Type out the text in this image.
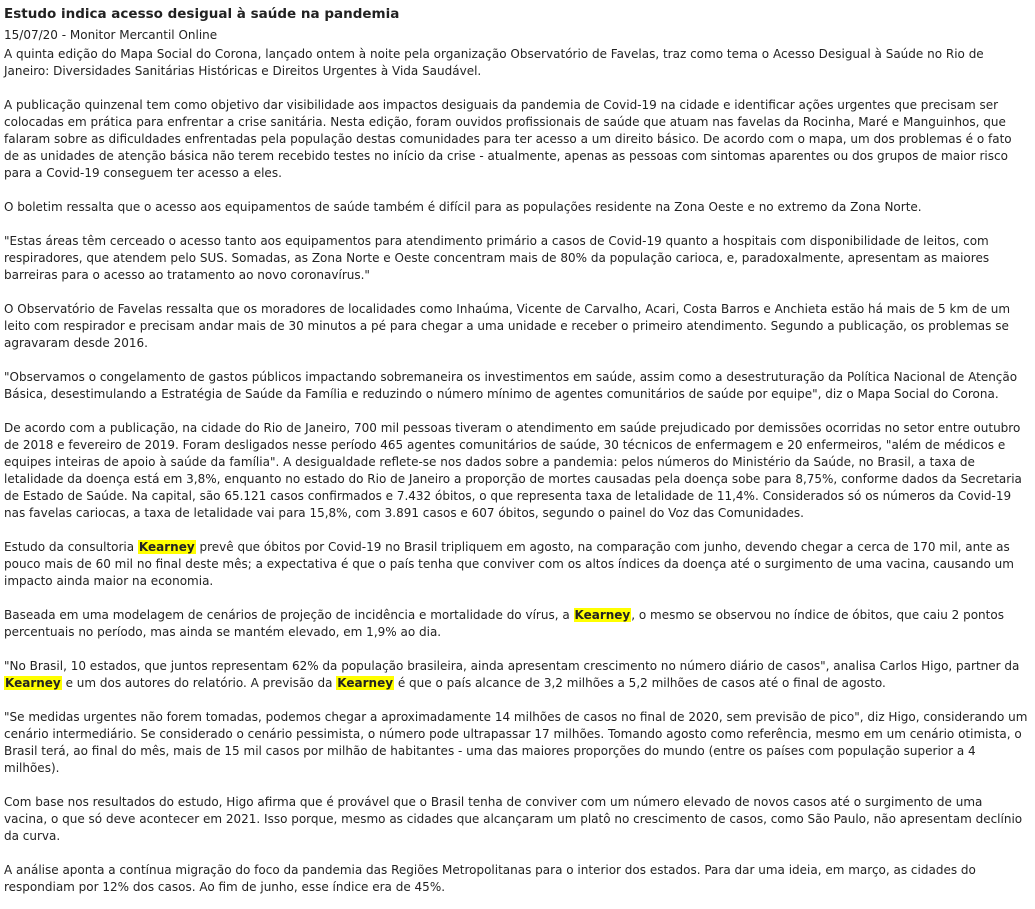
Estudo indica acesso desigual à saúde na pandemia
15/07/20 - Monitor Mercantil Online

A quinta edição do Mapa Social do Corona, lançado ontem à noite pela organização Observatório de Favelas, traz como tema o Acesso Desigual à Saúde no Rio de Janeiro: Diversidades Sanitárias Históricas e Direitos Urgentes à Vida Saudável.

A publicação quinzenal tem como objetivo dar visibilidade aos impactos desiguais da pandemia de Covid-19 na cidade e identificar ações urgentes que precisam ser colocadas em prática para enfrentar a crise sanitária. Nesta edição, foram ouvidos profissionais de saúde que atuam nas favelas da Rocinha, Maré e Manguinhos, que falaram sobre as dificuldades enfrentadas pela população destas comunidades para ter acesso a um direito básico. De acordo com o mapa, um dos problemas é o fato de as unidades de atenção básica não terem recebido testes no início da crise - atualmente, apenas as pessoas com sintomas aparentes ou dos grupos de maior risco para a Covid-19 conseguem ter acesso a eles.

O boletim ressalta que o acesso aos equipamentos de saúde também é difícil para as populações residente na Zona Oeste e no extremo da Zona Norte.

"Estas áreas têm cerceado o acesso tanto aos equipamentos para atendimento primário a casos de Covid-19 quanto a hospitais com disponibilidade de leitos, com respiradores, que atendem pelo SUS. Somadas, as Zona Norte e Oeste concentram mais de 80% da população carioca, e, paradoxalmente, apresentam as maiores barreiras para o acesso ao tratamento ao novo coronavírus."

O Observatório de Favelas ressalta que os moradores de localidades como Inhaúma, Vicente de Carvalho, Acari, Costa Barros e Anchieta estão há mais de 5 km de um leito com respirador e precisam andar mais de 30 minutos a pé para chegar a uma unidade e receber o primeiro atendimento. Segundo a publicação, os problemas se agravaram desde 2016.

"Observamos o congelamento de gastos públicos impactando sobremaneira os investimentos em saúde, assim como a desestruturação da Política Nacional de Atenção Básica, desestimulando a Estratégia de Saúde da Família e reduzindo o número mínimo de agentes comunitários de saúde por equipe", diz o Mapa Social do Corona.

De acordo com a publicação, na cidade do Rio de Janeiro, 700 mil pessoas tiveram o atendimento em saúde prejudicado por demissões ocorridas no setor entre outubro de 2018 e fevereiro de 2019. Foram desligados nesse período 465 agentes comunitários de saúde, 30 técnicos de enfermagem e 20 enfermeiros, "além de médicos e equipes inteiras de apoio à saúde da família". A desigualdade reflete-se nos dados sobre a pandemia: pelos números do Ministério da Saúde, no Brasil, a taxa de letalidade da doença está em 3,8%, enquanto no estado do Rio de Janeiro a proporção de mortes causadas pela doença sobe para 8,75%, conforme dados da Secretaria de Estado de Saúde. Na capital, são 65.121 casos confirmados e 7.432 óbitos, o que representa taxa de letalidade de 11,4%. Considerados só os números da Covid-19 nas favelas cariocas, a taxa de letalidade vai para 15,8%, com 3.891 casos e 607 óbitos, segundo o painel do Voz das Comunidades.

Estudo da consultoria Kearney prevê que óbitos por Covid-19 no Brasil tripliquem em agosto, na comparação com junho, devendo chegar a cerca de 170 mil, ante as pouco mais de 60 mil no final deste mês; a expectativa é que o país tenha que conviver com os altos índices da doença até o surgimento de uma vacina, causando um impacto ainda maior na economia.

Baseada em uma modelagem de cenários de projeção de incidência e mortalidade do vírus, a Kearney, o mesmo se observou no índice de óbitos, que caiu 2 pontos percentuais no período, mas ainda se mantém elevado, em 1,9% ao dia.

"No Brasil, 10 estados, que juntos representam 62% da população brasileira, ainda apresentam crescimento no número diário de casos", analisa Carlos Higo, partner da Kearney e um dos autores do relatório. A previsão da Kearney é que o país alcance de 3,2 milhões a 5,2 milhões de casos até o final de agosto.

"Se medidas urgentes não forem tomadas, podemos chegar a aproximadamente 14 milhões de casos no final de 2020, sem previsão de pico", diz Higo, considerando um cenário intermediário. Se considerado o cenário pessimista, o número pode ultrapassar 17 milhões. Tomando agosto como referência, mesmo em um cenário otimista, o Brasil terá, ao final do mês, mais de 15 mil casos por milhão de habitantes - uma das maiores proporções do mundo (entre os países com população superior a 4 milhões).

Com base nos resultados do estudo, Higo afirma que é provável que o Brasil tenha de conviver com um número elevado de novos casos até o surgimento de uma vacina, o que só deve acontecer em 2021. Isso porque, mesmo as cidades que alcançaram um platô no crescimento de casos, como São Paulo, não apresentam declínio da curva.

A análise aponta a contínua migração do foco da pandemia das Regiões Metropolitanas para o interior dos estados. Para dar uma ideia, em março, as cidades do respondiam por 12% dos casos. Ao fim de junho, esse índice era de 45%.
